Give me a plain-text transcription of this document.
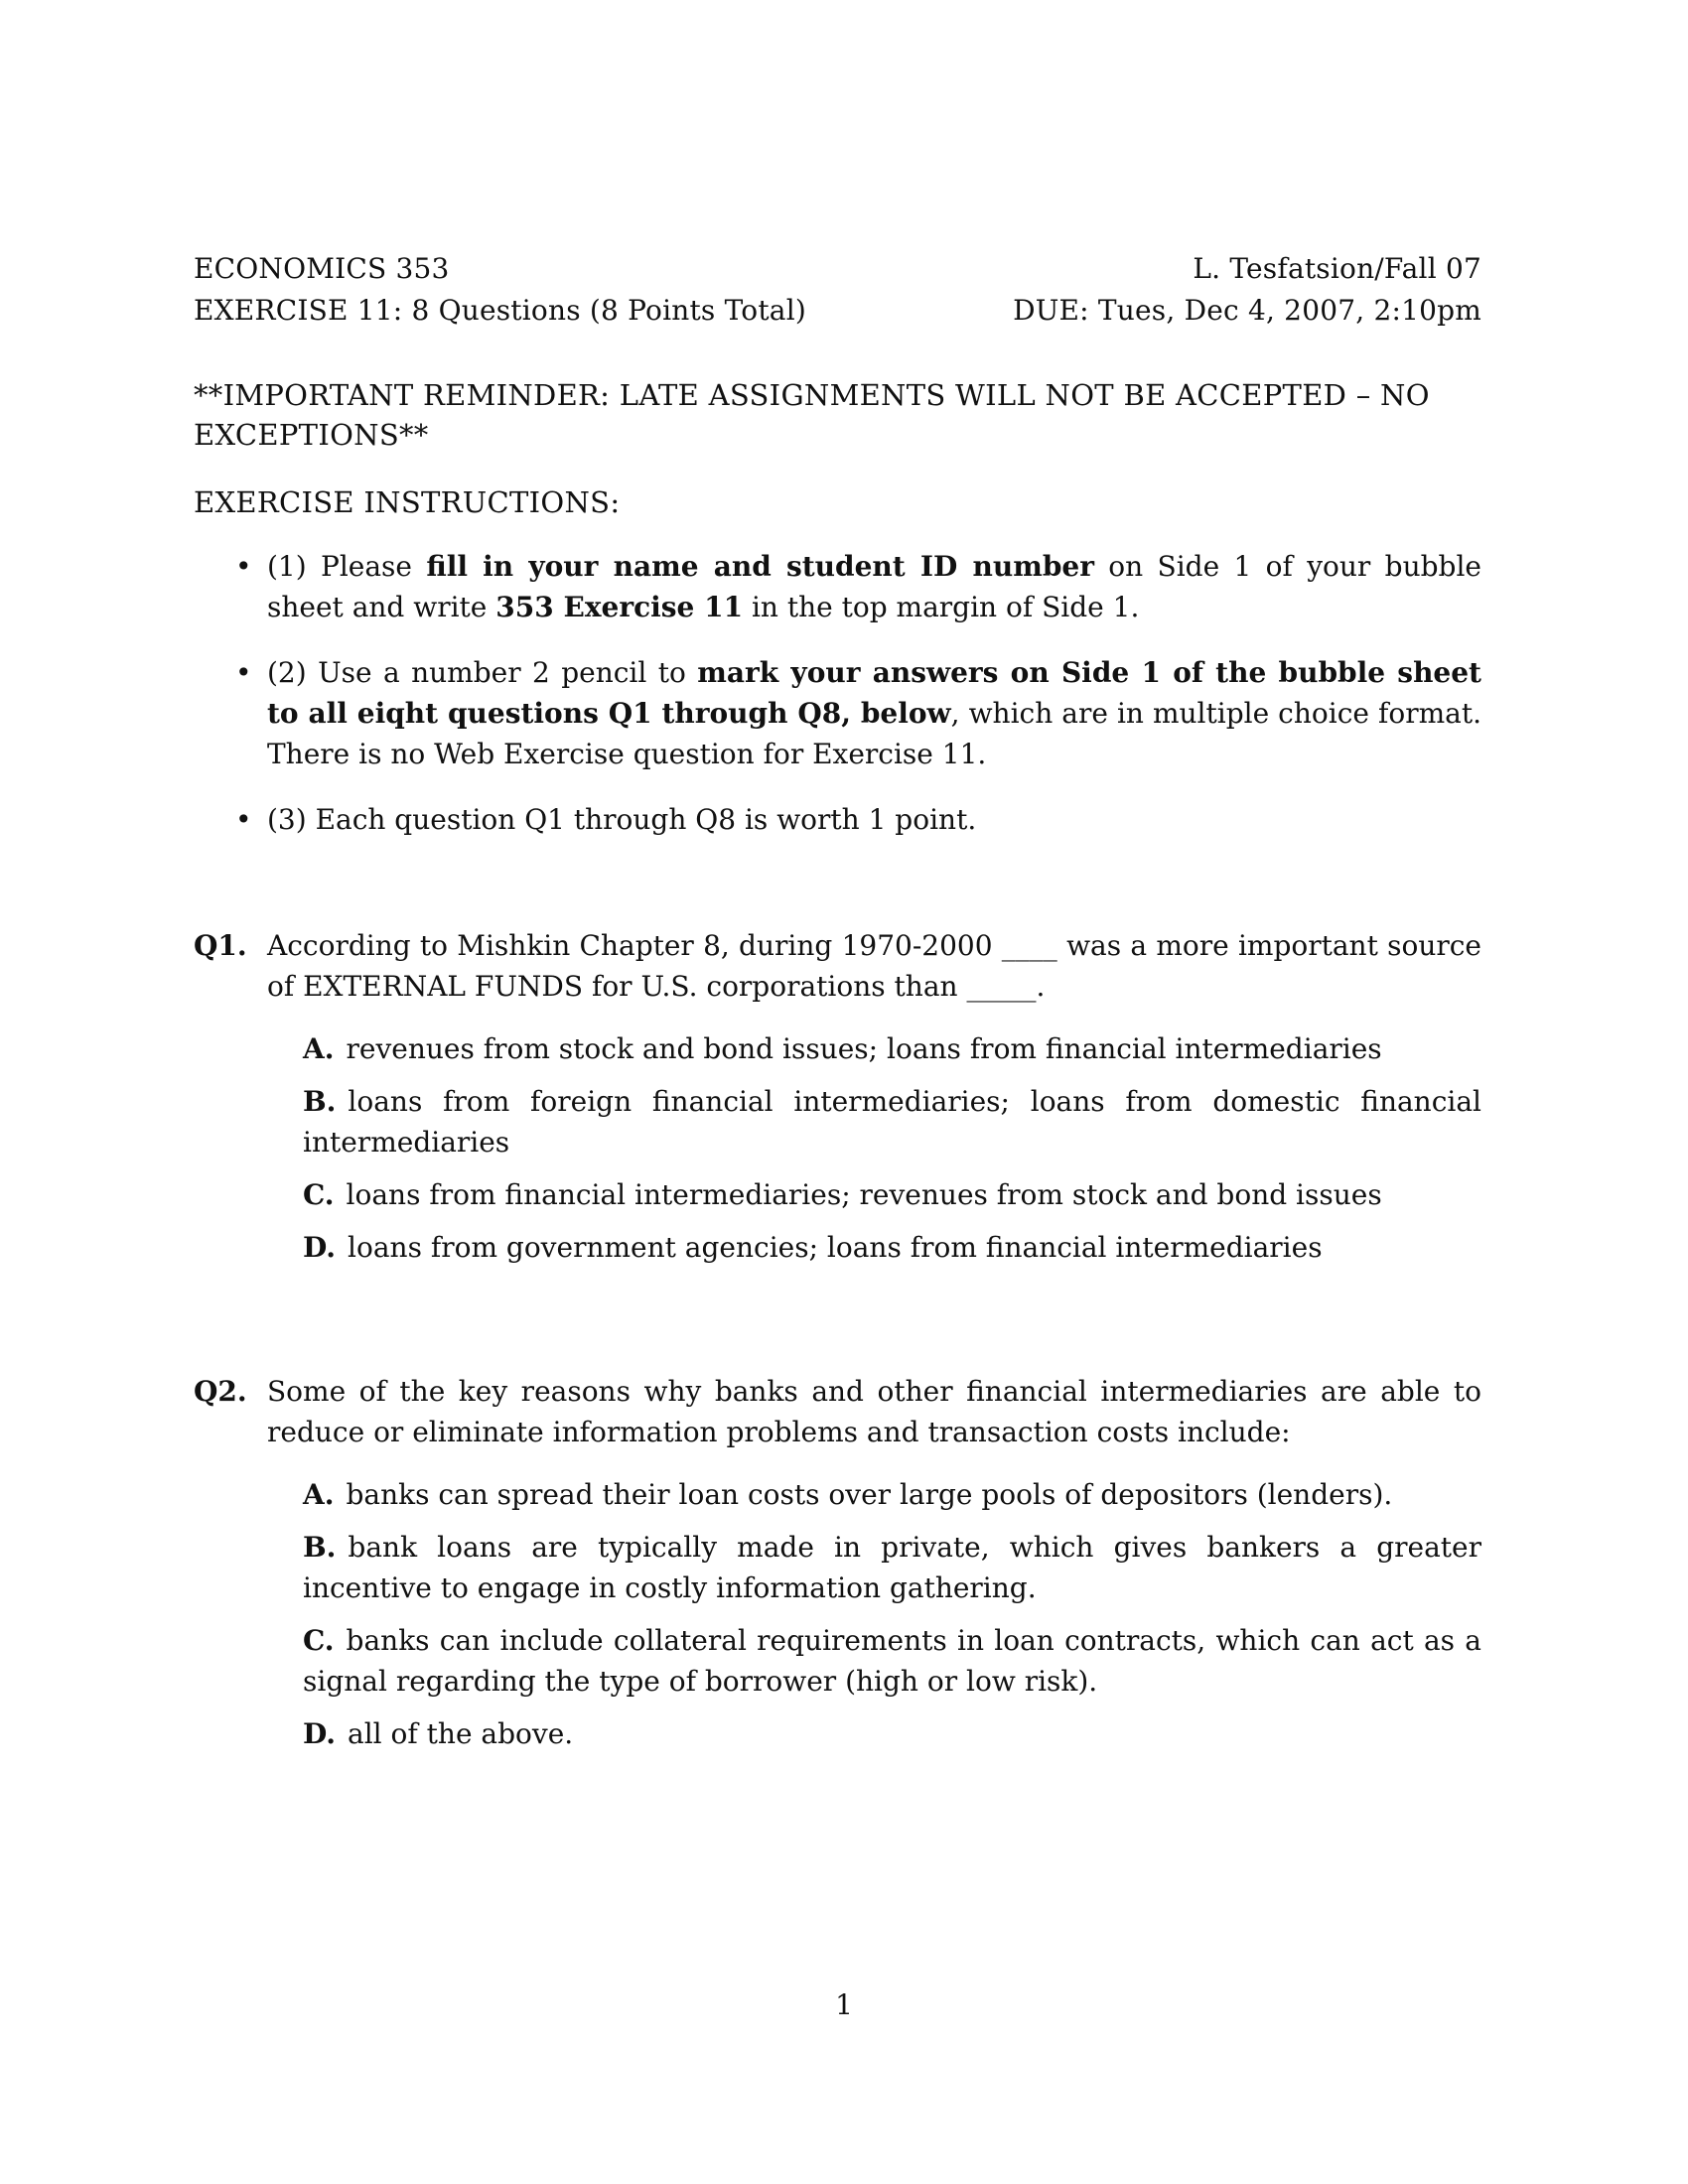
ECONOMICS 353	L. Tesfatsion/Fall 07
EXERCISE 11: 8 Questions (8 Points Total)	DUE: Tues, Dec 4, 2007, 2:10pm
**IMPORTANT REMINDER: LATE ASSIGNMENTS WILL NOT BE ACCEPTED – NO EXCEPTIONS**
EXERCISE INSTRUCTIONS:
• (1) Please fill in your name and student ID number on Side 1 of your bubble sheet and write 353 Exercise 11 in the top margin of Side 1.
• (2) Use a number 2 pencil to mark your answers on Side 1 of the bubble sheet to all eiqht questions Q1 through Q8, below, which are in multiple choice format. There is no Web Exercise question for Exercise 11.
• (3) Each question Q1 through Q8 is worth 1 point.
Q1. According to Mishkin Chapter 8, during 1970-2000 ____ was a more important source of EXTERNAL FUNDS for U.S. corporations than _____.
A. revenues from stock and bond issues; loans from financial intermediaries
B. loans from foreign financial intermediaries; loans from domestic financial intermediaries
C. loans from financial intermediaries; revenues from stock and bond issues
D. loans from government agencies; loans from financial intermediaries
Q2. Some of the key reasons why banks and other financial intermediaries are able to reduce or eliminate information problems and transaction costs include:
A. banks can spread their loan costs over large pools of depositors (lenders).
B. bank loans are typically made in private, which gives bankers a greater incentive to engage in costly information gathering.
C. banks can include collateral requirements in loan contracts, which can act as a signal regarding the type of borrower (high or low risk).
D. all of the above.
1
